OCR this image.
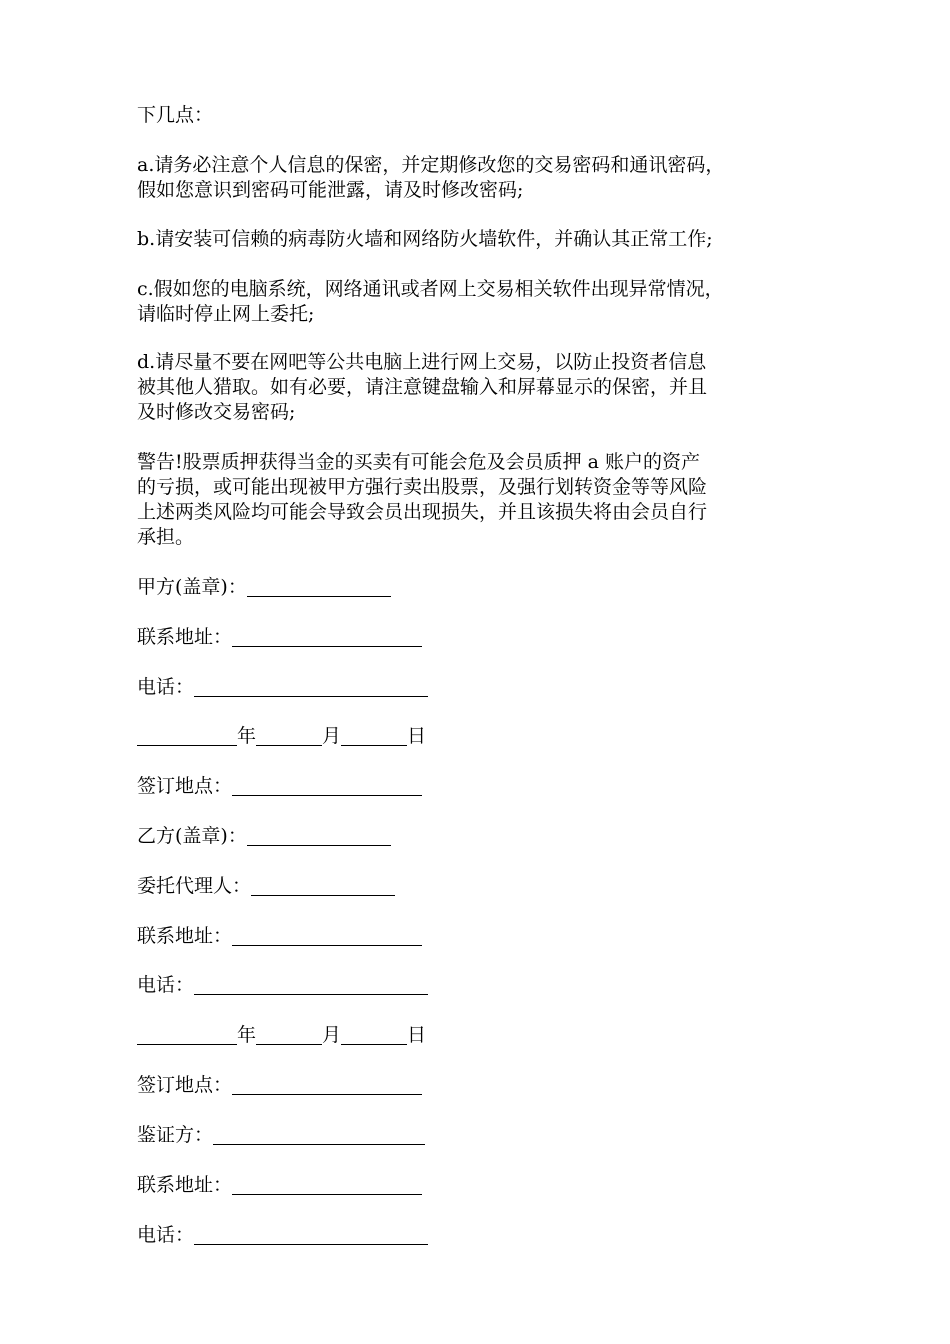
下几点：

a.请务必注意个人信息的保密，并定期修改您的交易密码和通讯密码，
假如您意识到密码可能泄露，请及时修改密码;

b.请安装可信赖的病毒防火墙和网络防火墙软件，并确认其正常工作;

c.假如您的电脑系统，网络通讯或者网上交易相关软件出现异常情况，
请临时停止网上委托;

d.请尽量不要在网吧等公共电脑上进行网上交易，以防止投资者信息
被其他人猎取。如有必要，请注意键盘输入和屏幕显示的保密，并且
及时修改交易密码;

警告!股票质押获得当金的买卖有可能会危及会员质押 a 账户的资产
的亏损，或可能出现被甲方强行卖出股票，及强行划转资金等等风险
上述两类风险均可能会导致会员出现损失，并且该损失将由会员自行
承担。

甲方(盖章)：
联系地址：
电话：
年	月	日
签订地点：
乙方(盖章)：
委托代理人：
联系地址：
电话：
年	月	日
签订地点：
鉴证方：
联系地址：
电话：
